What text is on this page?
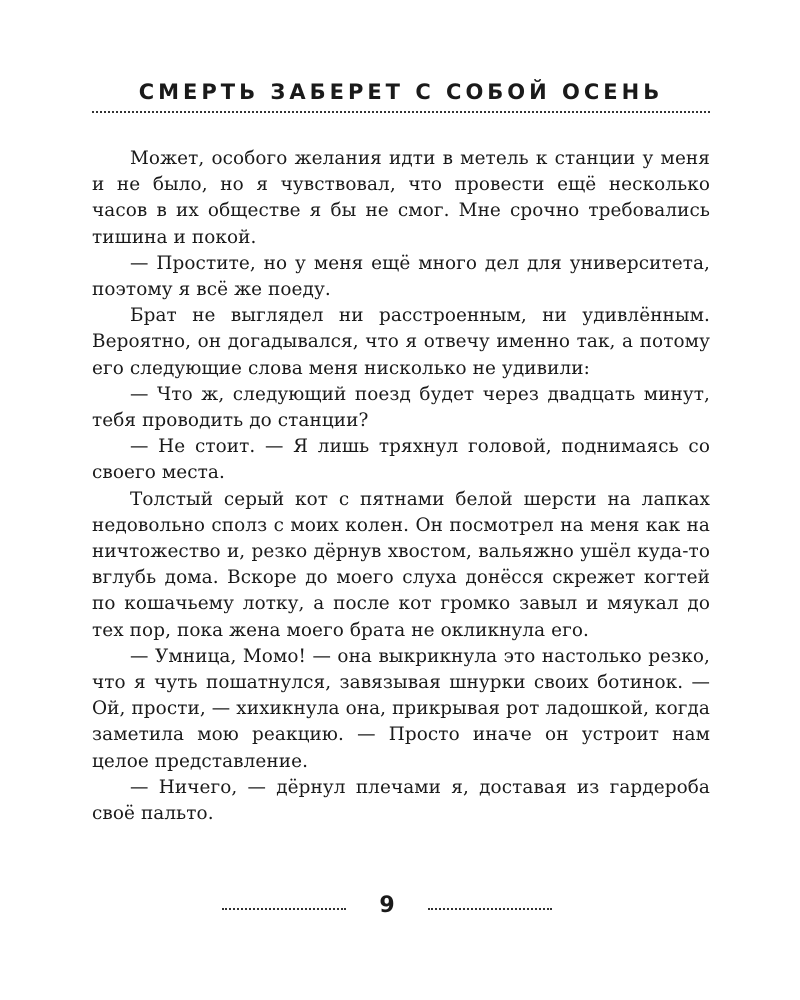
СМЕРТЬ ЗАБЕРЕТ С СОБОЙ ОСЕНЬ

Может, особого желания идти в метель к станции у меня и не было, но я чувствовал, что провести ещё несколько часов в их обществе я бы не смог. Мне срочно требовались тишина и покой.

— Простите, но у меня ещё много дел для университета, поэтому я всё же поеду.

Брат не выглядел ни расстроенным, ни удивлённым. Вероятно, он догадывался, что я отвечу именно так, а потому его следующие слова меня нисколько не удивили:

— Что ж, следующий поезд будет через двадцать минут, тебя проводить до станции?

— Не стоит. — Я лишь тряхнул головой, поднимаясь со своего места.

Толстый серый кот с пятнами белой шерсти на лапках недовольно сполз с моих колен. Он посмотрел на меня как на ничтожество и, резко дёрнув хвостом, вальяжно ушёл куда-то вглубь дома. Вскоре до моего слуха донёсся скрежет когтей по кошачьему лотку, а после кот громко завыл и мяукал до тех пор, пока жена моего брата не окликнула его.

— Умница, Момо! — она выкрикнула это настолько резко, что я чуть пошатнулся, завязывая шнурки своих ботинок. — Ой, прости, — хихикнула она, прикрывая рот ладошкой, когда заметила мою реакцию. — Просто иначе он устроит нам целое представление.

— Ничего, — дёрнул плечами я, доставая из гардероба своё пальто.

9
